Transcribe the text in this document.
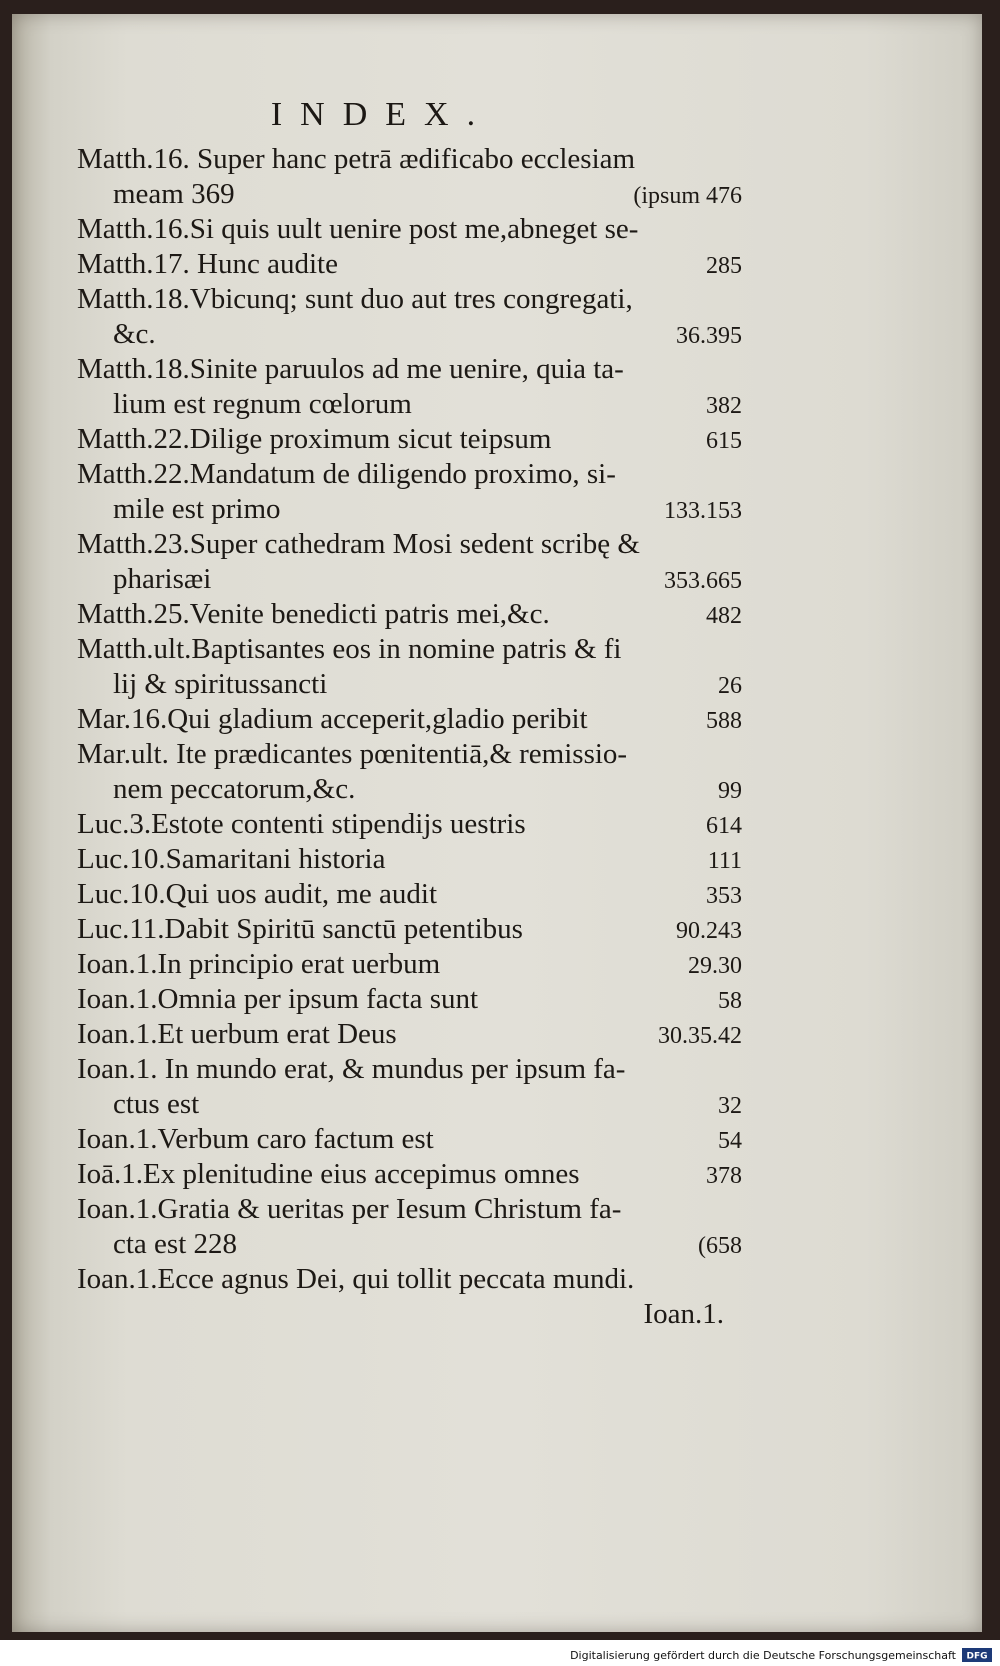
INDEX.
Matth.16. Super hanc petrā ædificabo ecclesiam
meam 369	(ipsum 476
Matth.16.Si quis uult uenire post me,abneget se-
Matth.17. Hunc audite	285
Matth.18.Vbicunq; sunt duo aut tres congregati,
&c.	36.395
Matth.18.Sinite paruulos ad me uenire, quia ta-
lium est regnum cœlorum	382
Matth.22.Dilige proximum sicut teipsum	615
Matth.22.Mandatum de diligendo proximo, si-
mile est primo	133.153
Matth.23.Super cathedram Mosi sedent scribę &
pharisæi	353.665
Matth.25.Venite benedicti patris mei,&c.	482
Matth.ult.Baptisantes eos in nomine patris & fi
lij & spiritussancti	26
Mar.16.Qui gladium acceperit,gladio peribit	588
Mar.ult. Ite prædicantes pœnitentiā,& remissio-
nem peccatorum,&c.	99
Luc.3.Estote contenti stipendijs uestris	614
Luc.10.Samaritani historia	111
Luc.10.Qui uos audit, me audit	353
Luc.11.Dabit Spiritū sanctū petentibus	90.243
Ioan.1.In principio erat uerbum	29.30
Ioan.1.Omnia per ipsum facta sunt	58
Ioan.1.Et uerbum erat Deus	30.35.42
Ioan.1. In mundo erat, & mundus per ipsum fa-
ctus est	32
Ioan.1.Verbum caro factum est	54
Ioā.1.Ex plenitudine eius accepimus omnes	378
Ioan.1.Gratia & ueritas per Iesum Christum fa-
cta est 228	(658
Ioan.1.Ecce agnus Dei, qui tollit peccata mundi.
Ioan.1.
Digitalisierung gefördert durch die Deutsche Forschungsgemeinschaft DFG
